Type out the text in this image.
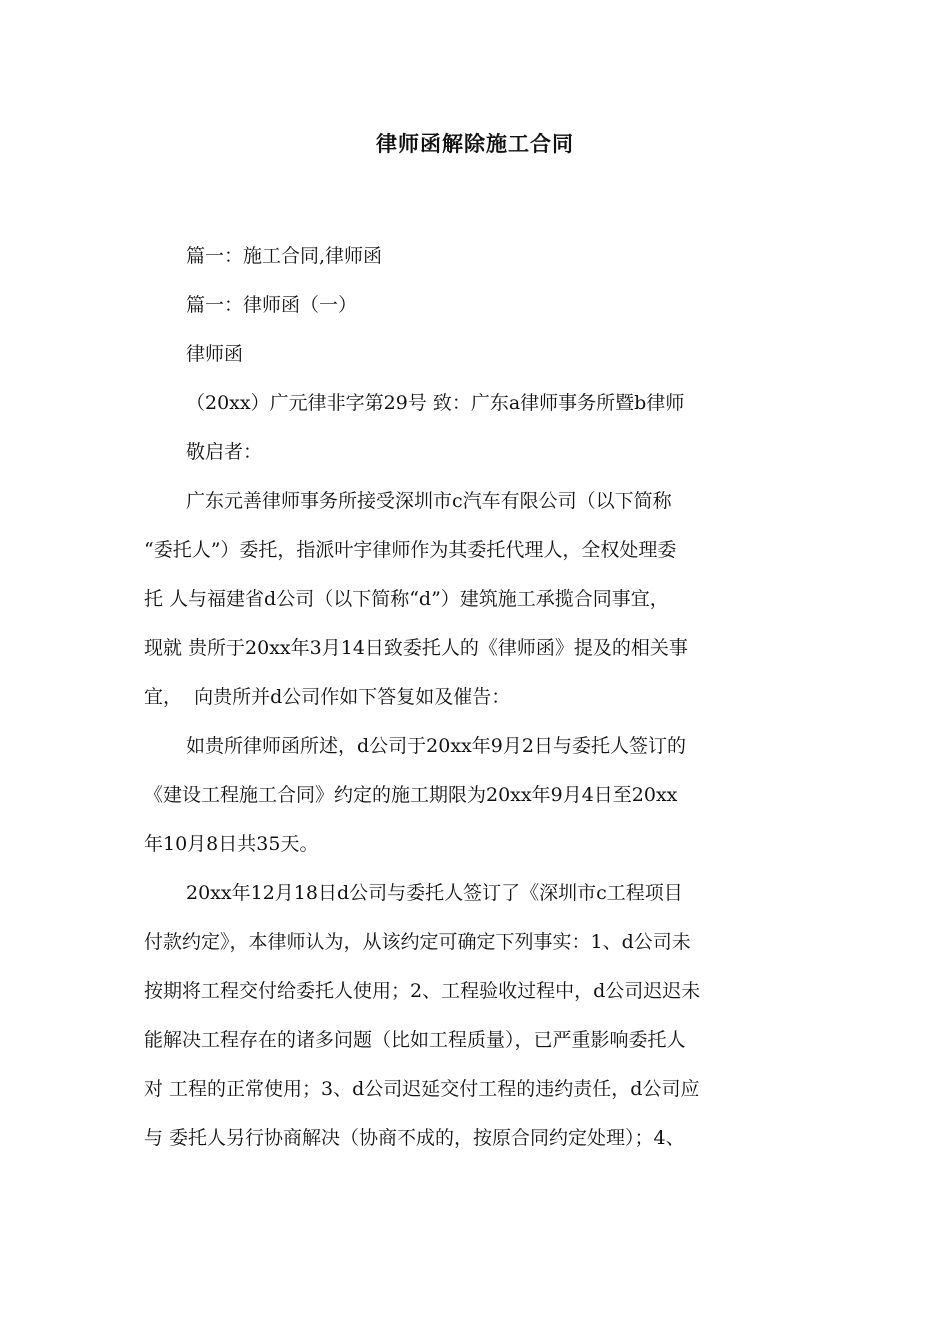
律师函解除施工合同
篇一：施工合同,律师函
篇一：律师函（一）
律师函
（20xx）广元律非字第29号 致：广东a律师事务所暨b律师
敬启者：
广东元善律师事务所接受深圳市c汽车有限公司（以下简称
“委托人”）委托，指派叶宇律师作为其委托代理人，全权处理委
托 人与福建省d公司（以下简称“d”）建筑施工承揽合同事宜，
现就 贵所于20xx年3月14日致委托人的《律师函》提及的相关事
宜，  向贵所并d公司作如下答复如及催告：
如贵所律师函所述，d公司于20xx年9月2日与委托人签订的
《建设工程施工合同》约定的施工期限为20xx年9月4日至20xx
年10月8日共35天。
20xx年12月18日d公司与委托人签订了《深圳市c工程项目
付款约定》，本律师认为，从该约定可确定下列事实：1、d公司未
按期将工程交付给委托人使用；2、工程验收过程中，d公司迟迟未
能解决工程存在的诸多问题（比如工程质量），已严重影响委托人
对 工程的正常使用；3、d公司迟延交付工程的违约责任，d公司应
与 委托人另行协商解决（协商不成的，按原合同约定处理）；4、
